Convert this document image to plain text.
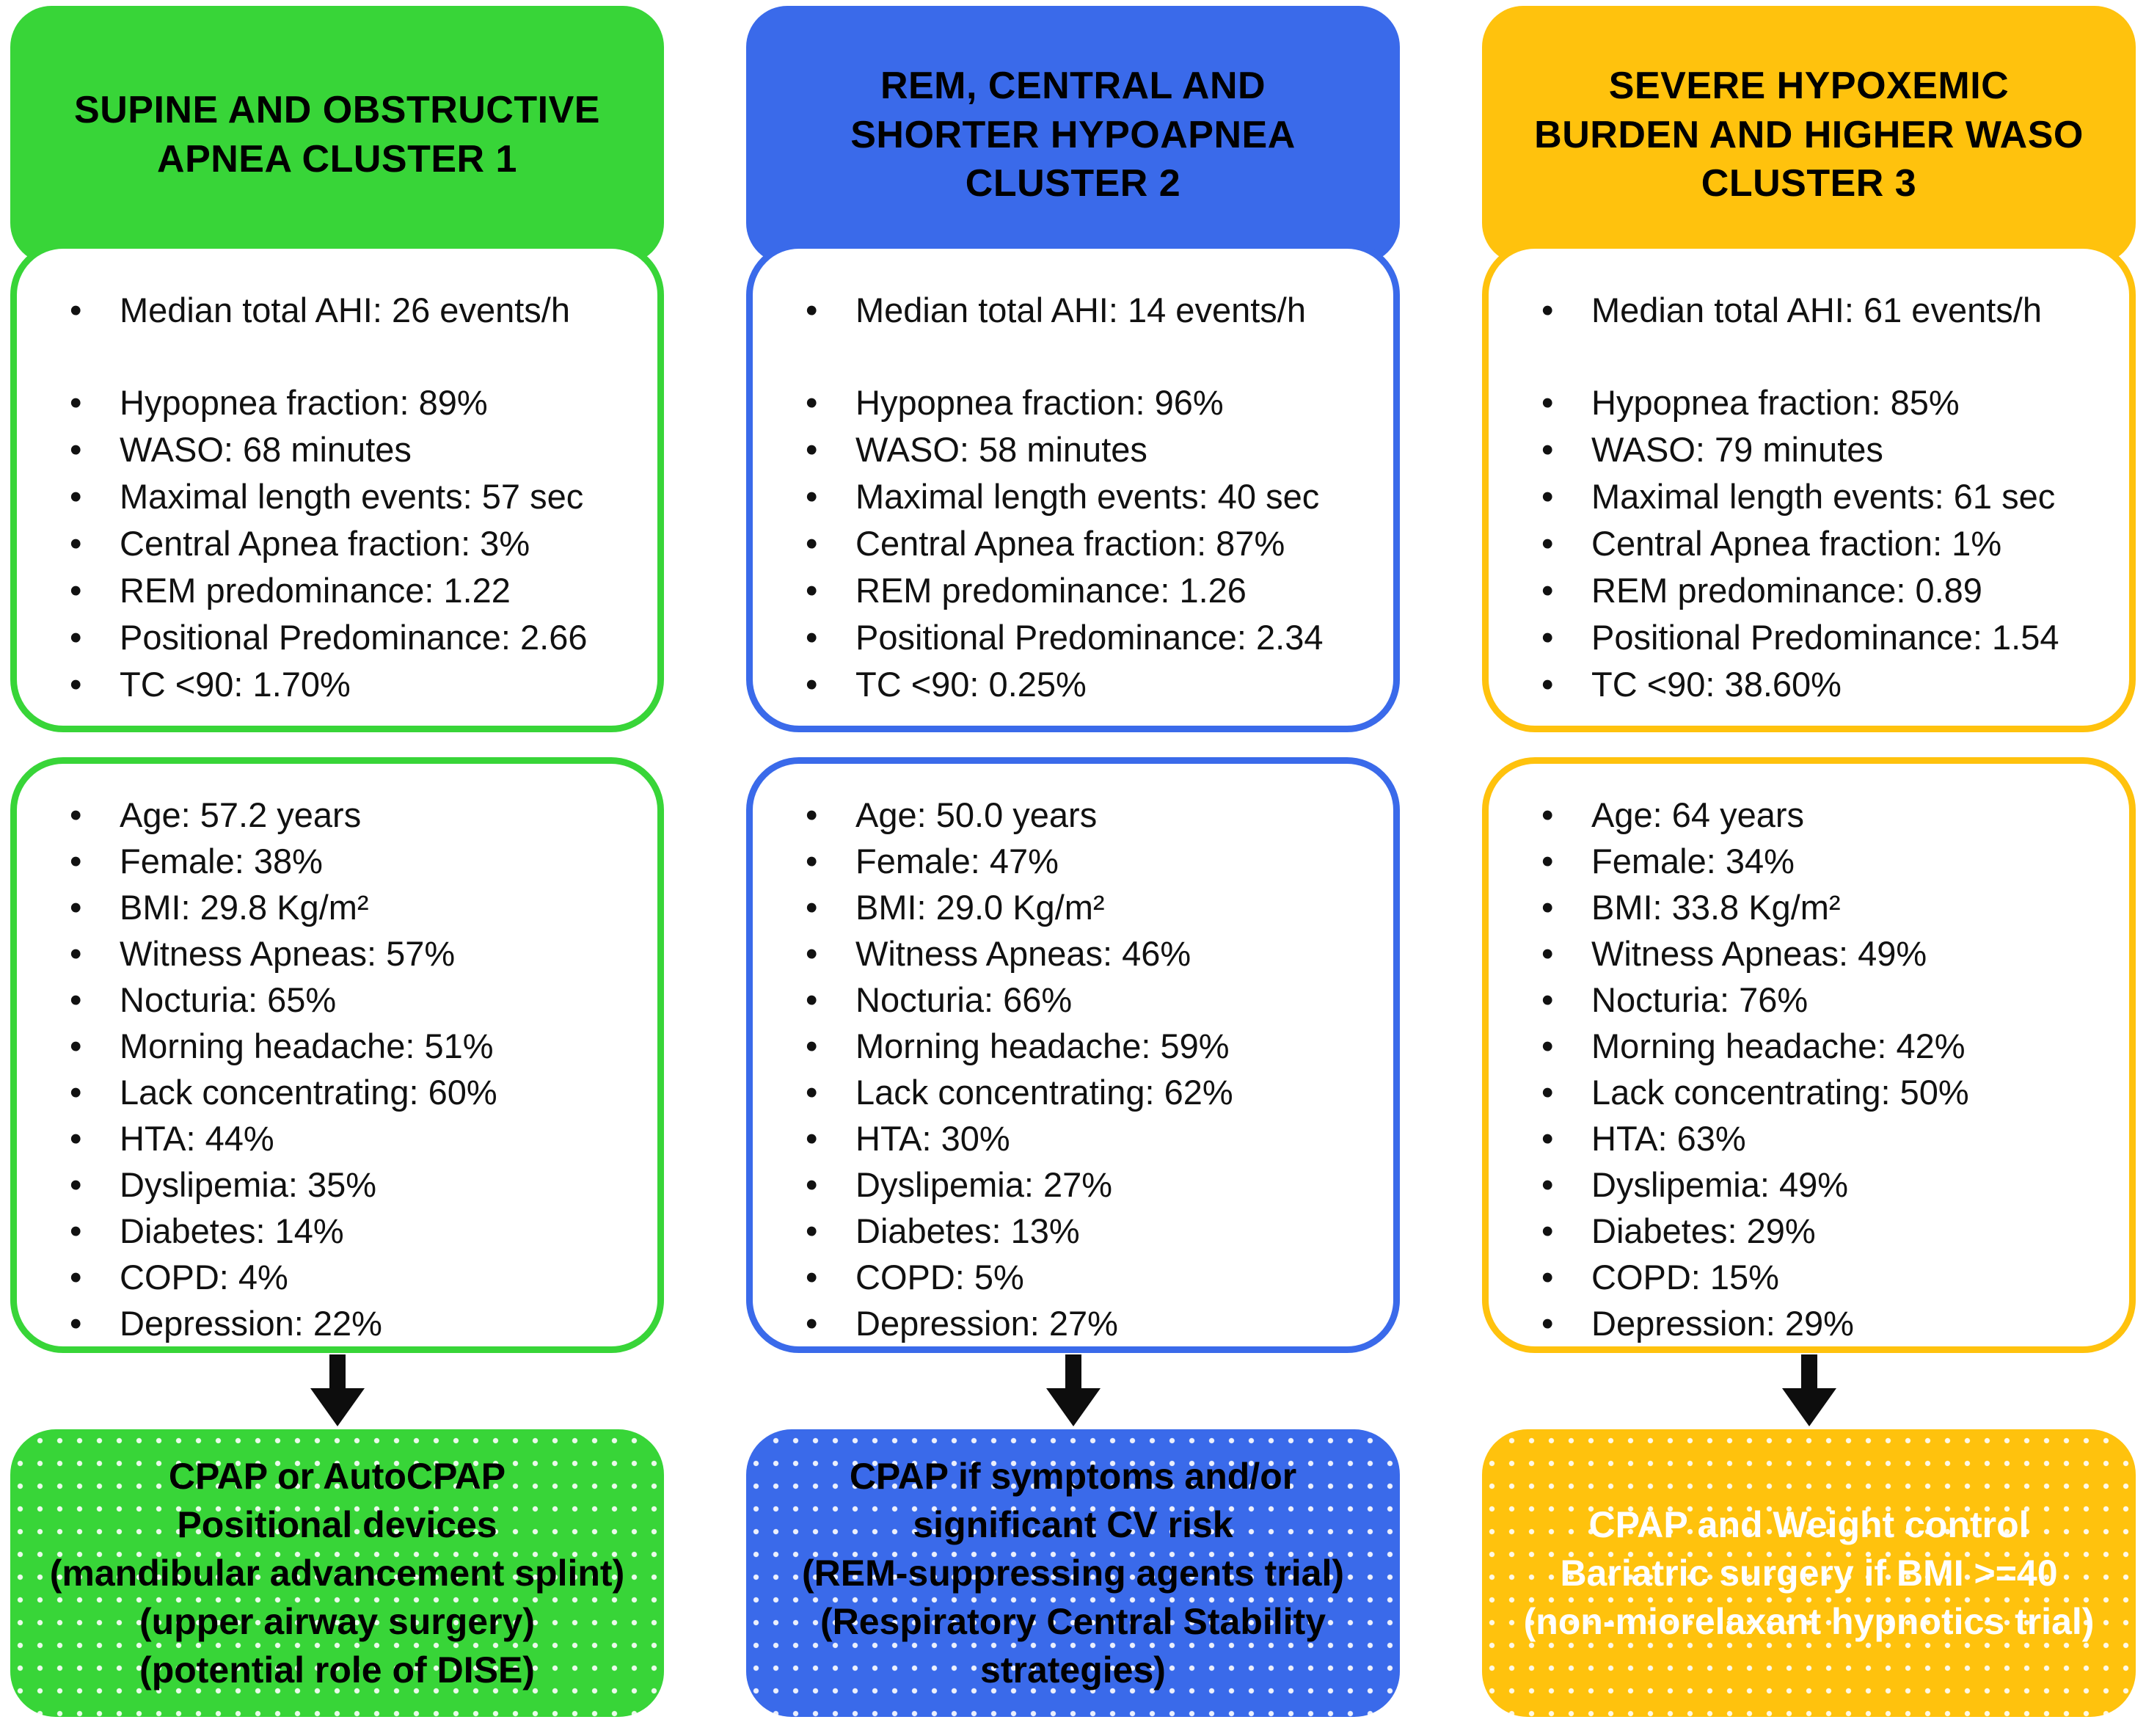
SUPINE AND OBSTRUCTIVE APNEA CLUSTER 1
• Median total AHI: 26 events/h
• Hypopnea fraction: 89%
• WASO: 68 minutes
• Maximal length events: 57 sec
• Central Apnea fraction: 3%
• REM predominance: 1.22
• Positional Predominance: 2.66
• TC <90: 1.70%
• Age: 57.2 years
• Female: 38%
• BMI: 29.8 Kg/m²
• Witness Apneas: 57%
• Nocturia: 65%
• Morning headache: 51%
• Lack concentrating: 60%
• HTA: 44%
• Dyslipemia: 35%
• Diabetes: 14%
• COPD: 4%
• Depression: 22%
CPAP or AutoCPAP
Positional devices
(mandibular advancement splint)
(upper airway surgery)
(potential role of DISE)
REM, CENTRAL AND SHORTER HYPOAPNEA CLUSTER 2
• Median total AHI: 14 events/h
• Hypopnea fraction: 96%
• WASO: 58 minutes
• Maximal length events: 40 sec
• Central Apnea fraction: 87%
• REM predominance: 1.26
• Positional Predominance: 2.34
• TC <90: 0.25%
• Age: 50.0 years
• Female: 47%
• BMI: 29.0 Kg/m²
• Witness Apneas: 46%
• Nocturia: 66%
• Morning headache: 59%
• Lack concentrating: 62%
• HTA: 30%
• Dyslipemia: 27%
• Diabetes: 13%
• COPD: 5%
• Depression: 27%
CPAP if symptoms and/or significant CV risk
(REM-suppressing agents trial)
(Respiratory Central Stability strategies)
SEVERE HYPOXEMIC BURDEN AND HIGHER WASO CLUSTER 3
• Median total AHI: 61 events/h
• Hypopnea fraction: 85%
• WASO: 79 minutes
• Maximal length events: 61 sec
• Central Apnea fraction: 1%
• REM predominance: 0.89
• Positional Predominance: 1.54
• TC <90: 38.60%
• Age: 64 years
• Female: 34%
• BMI: 33.8 Kg/m²
• Witness Apneas: 49%
• Nocturia: 76%
• Morning headache: 42%
• Lack concentrating: 50%
• HTA: 63%
• Dyslipemia: 49%
• Diabetes: 29%
• COPD: 15%
• Depression: 29%
CPAP and Weight control
Bariatric surgery if BMI >=40
(non-miorelaxant hypnotics trial)
